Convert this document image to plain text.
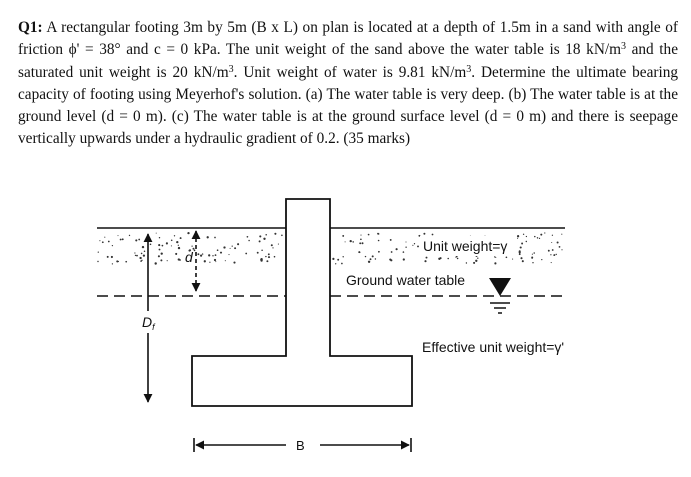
Q1: A rectangular footing 3m by 5m (B x L) on plan is located at a depth of 1.5m in a sand with angle of friction ϕ' = 38° and c = 0 kPa. The unit weight of the sand above the water table is 18 $kN/m^3$ and the saturated unit weight is 20 $kN/m^3$. Unit weight of water is 9.81 $kN/m^3$. Determine the ultimate bearing capacity of footing using Meyerhof's solution. (a) The water table is very deep. (b) The water table is at the ground level (d = 0 m). (c) The water table is at the ground surface level (d = 0 m) and there is seepage vertically upwards under a hydraulic gradient of 0.2. (35 marks)
$D_f$
d
B
Unit weight=γ
Ground water table
Effective unit weight=γ'
